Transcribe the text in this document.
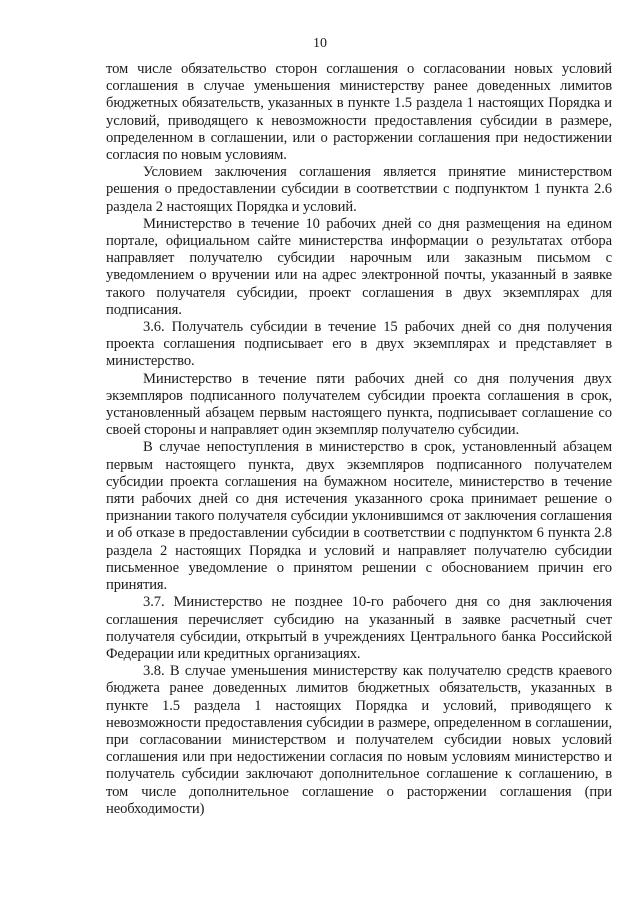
10

том числе обязательство сторон соглашения о согласовании новых условий соглашения в случае уменьшения министерству ранее доведенных лимитов бюджетных обязательств, указанных в пункте 1.5 раздела 1 настоящих Порядка и условий, приводящего к невозможности предоставления субсидии в размере, определенном в соглашении, или о расторжении соглашения при недостижении согласия по новым условиям.

Условием заключения соглашения является принятие министерством решения о предоставлении субсидии в соответствии с подпунктом 1 пункта 2.6 раздела 2 настоящих Порядка и условий.

Министерство в течение 10 рабочих дней со дня размещения на едином портале, официальном сайте министерства информации о результатах отбора направляет получателю субсидии нарочным или заказным письмом с уведомлением о вручении или на адрес электронной почты, указанный в заявке такого получателя субсидии, проект соглашения в двух экземплярах для подписания.

3.6. Получатель субсидии в течение 15 рабочих дней со дня получения проекта соглашения подписывает его в двух экземплярах и представляет в министерство.

Министерство в течение пяти рабочих дней со дня получения двух экземпляров подписанного получателем субсидии проекта соглашения в срок, установленный абзацем первым настоящего пункта, подписывает соглашение со своей стороны и направляет один экземпляр получателю субсидии.

В случае непоступления в министерство в срок, установленный абзацем первым настоящего пункта, двух экземпляров подписанного получателем субсидии проекта соглашения на бумажном носителе, министерство в течение пяти рабочих дней со дня истечения указанного срока принимает решение о признании такого получателя субсидии уклонившимся от заключения соглашения и об отказе в предоставлении субсидии в соответствии с подпунктом 6 пункта 2.8 раздела 2 настоящих Порядка и условий и направляет получателю субсидии письменное уведомление о принятом решении с обоснованием причин его принятия.

3.7. Министерство не позднее 10-го рабочего дня со дня заключения соглашения перечисляет субсидию на указанный в заявке расчетный счет получателя субсидии, открытый в учреждениях Центрального банка Российской Федерации или кредитных организациях.

3.8. В случае уменьшения министерству как получателю средств краевого бюджета ранее доведенных лимитов бюджетных обязательств, указанных в пункте 1.5 раздела 1 настоящих Порядка и условий, приводящего к невозможности предоставления субсидии в размере, определенном в соглашении, при согласовании министерством и получателем субсидии новых условий соглашения или при недостижении согласия по новым условиям министерство и получатель субсидии заключают дополнительное соглашение к соглашению, в том числе дополнительное соглашение о расторжении соглашения (при необходимости)
